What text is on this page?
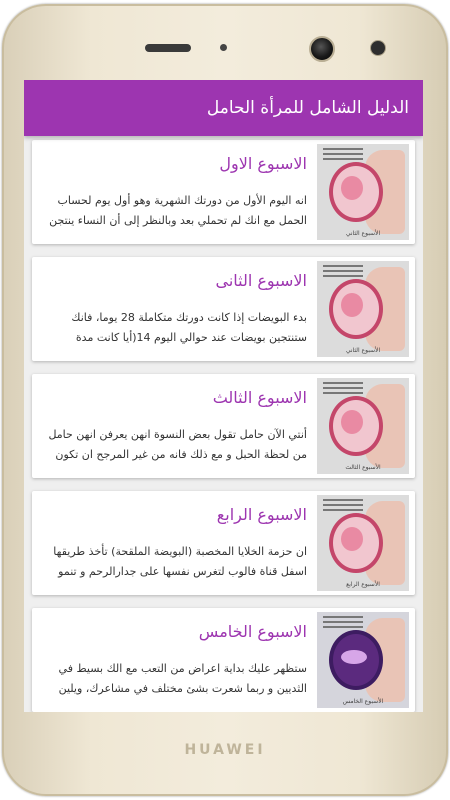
HUAWEI
الدليل الشامل للمرأة الحامل
الأسبوع الثاني
الاسبوع الاول
انه اليوم الأول من دورتك الشهرية وهو أول يوم لحساب الحمل مع انك لم تحملي بعد وبالنظر إلى أن النساء ينتجن
الأسبوع الثاني
الاسبوع الثانى
بدء البويضات إذا كانت دورتك متكاملة 28 يوما، فانك ستنتجين بويضات عند حوالي اليوم 14(أيا كانت مدة
الأسبوع الثالث
الاسبوع الثالث
أنتي الآن حامل تقول بعض النسوة انهن يعرفن انهن حامل من لحظة الحبل و مع ذلك فانه من غير المرجح ان تكون
الأسبوع الرابع
الاسبوع الرابع
ان حزمة الخلايا المخصبة (البويضة الملقحة) تأخذ طريقها اسفل قناة فالوب لتغرس نفسها على جدارالرحم و تنمو
الأسبوع الخامس
الاسبوع الخامس
ستظهر عليك بداية اعراض من التعب مع الك بسيط في الثديين و ربما شعرت بشئ مختلف في مشاعرك، ويلين
